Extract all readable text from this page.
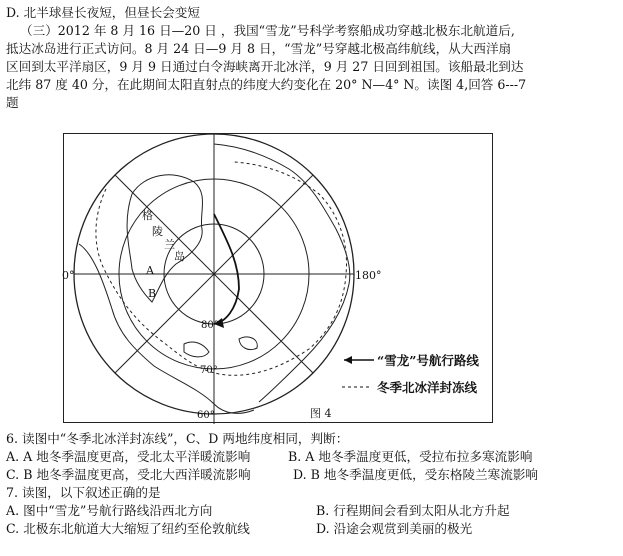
D. 北半球昼长夜短，但昼长会变短
（三）2012 年 8 月 16 日—20 日 ，我国“雪龙”号科学考察船成功穿越北极东北航道后,
抵达冰岛进行正式访问。8 月 24 日—9 月 8 日，“雪龙”号穿越北极高纬航线，从大西洋扇
区回到太平洋扇区，9 月 9 日通过白令海峡离开北冰洋，9 月 27 日回到祖国。该船最北到达
北纬 87 度 40 分，在此期间太阳直射点的纬度大约变化在 20° N—4° N。读图 4,回答 6---7
题
格
陵
兰
岛
A
B
0°	180°
80°
70°
60°
“雪龙”号航行路线
冬季北冰洋封冻线
图 4
6. 读图中“冬季北冰洋封冻线”，C、D 两地纬度相同，判断：
A. A 地冬季温度更高，受北太平洋暖流影响	B. A 地冬季温度更低，受拉布拉多寒流影响
C. B 地冬季温度更高，受北大西洋暖流影响	D. B 地冬季温度更低，受东格陵兰寒流影响
7. 读图，以下叙述正确的是
A. 图中“雪龙”号航行路线沿西北方向	B. 行程期间会看到太阳从北方升起
C. 北极东北航道大大缩短了纽约至伦敦航线	D. 沿途会观赏到美丽的极光
